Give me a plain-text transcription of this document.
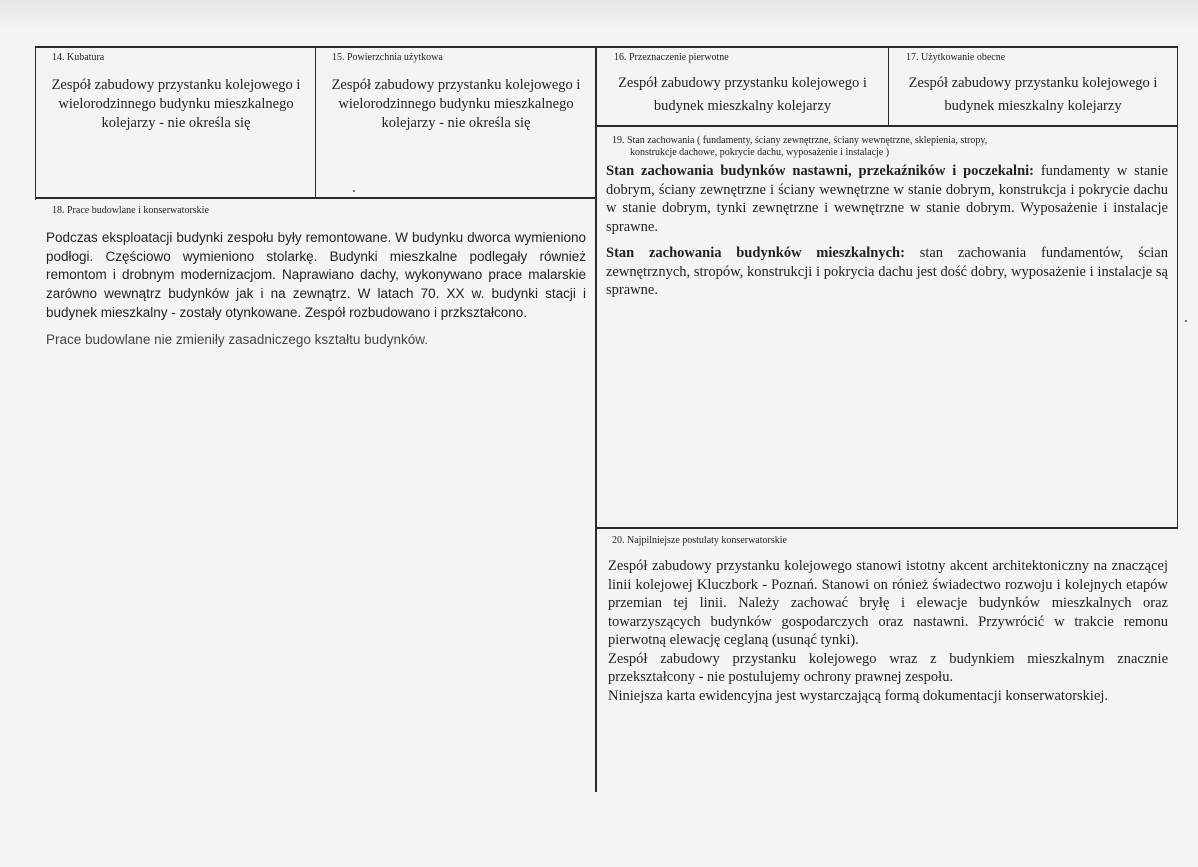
14. Kubatura
Zespół zabudowy przystanku kolejowego i wielorodzinnego budynku mieszkalnego kolejarzy - nie określa się
15. Powierzchnia użytkowa
Zespół zabudowy przystanku kolejowego i wielorodzinnego budynku mieszkalnego kolejarzy - nie określa się
16. Przeznaczenie pierwotne
Zespół zabudowy przystanku kolejowego i budynek mieszkalny kolejarzy
17. Użytkowanie obecne
Zespół zabudowy przystanku kolejowego i budynek mieszkalny kolejarzy
19. Stan zachowania ( fundamenty, ściany zewnętrzne, ściany wewnętrzne, sklepienia, stropy,
konstrukcje dachowe, pokrycie dachu, wyposażenie i instalacje )

Stan zachowania budynków nastawni, przekaźników i poczekalni: fundamenty w stanie dobrym, ściany zewnętrzne i ściany wewnętrzne w stanie dobrym, konstrukcja i pokrycie dachu w stanie dobrym, tynki zewnętrzne i wewnętrzne w stanie dobrym. Wyposażenie i instalacje sprawne.

Stan zachowania budynków mieszkalnych: stan zachowania fundamentów, ścian zewnętrznych, stropów, konstrukcji i pokrycia dachu jest dość dobry, wyposażenie i instalacje są sprawne.

18. Prace budowlane i konserwatorskie

Podczas eksploatacji budynki zespołu były remontowane. W budynku dworca wymieniono podłogi. Częściowo wymieniono stolarkę. Budynki mieszkalne podlegały również remontom i drobnym modernizacjom. Naprawiano dachy, wykonywano prace malarskie zarówno wewnątrz budynków jak i na zewnątrz. W latach 70. XX w. budynki stacji i budynek mieszkalny - zostały otynkowane. Zespół rozbudowano i przkształcono.

Prace budowlane nie zmieniły zasadniczego kształtu budynków.

20. Najpilniejsze postulaty konserwatorskie
Zespół zabudowy przystanku kolejowego stanowi istotny akcent architektoniczny na znaczącej linii kolejowej Kluczbork - Poznań. Stanowi on rónież świadectwo rozwoju i kolejnych etapów przemian tej linii. Należy zachować bryłę i elewacje budynków mieszkalnych oraz towarzyszących budynków gospodarczych oraz nastawni. Przywrócić w trakcie remonu pierwotną elewację ceglaną (usunąć tynki).
Zespół zabudowy przystanku kolejowego wraz z budynkiem mieszkalnym znacznie przekształcony - nie postulujemy ochrony prawnej zespołu.
Niniejsza karta ewidencyjna jest wystarczającą formą dokumentacji konserwatorskiej.
